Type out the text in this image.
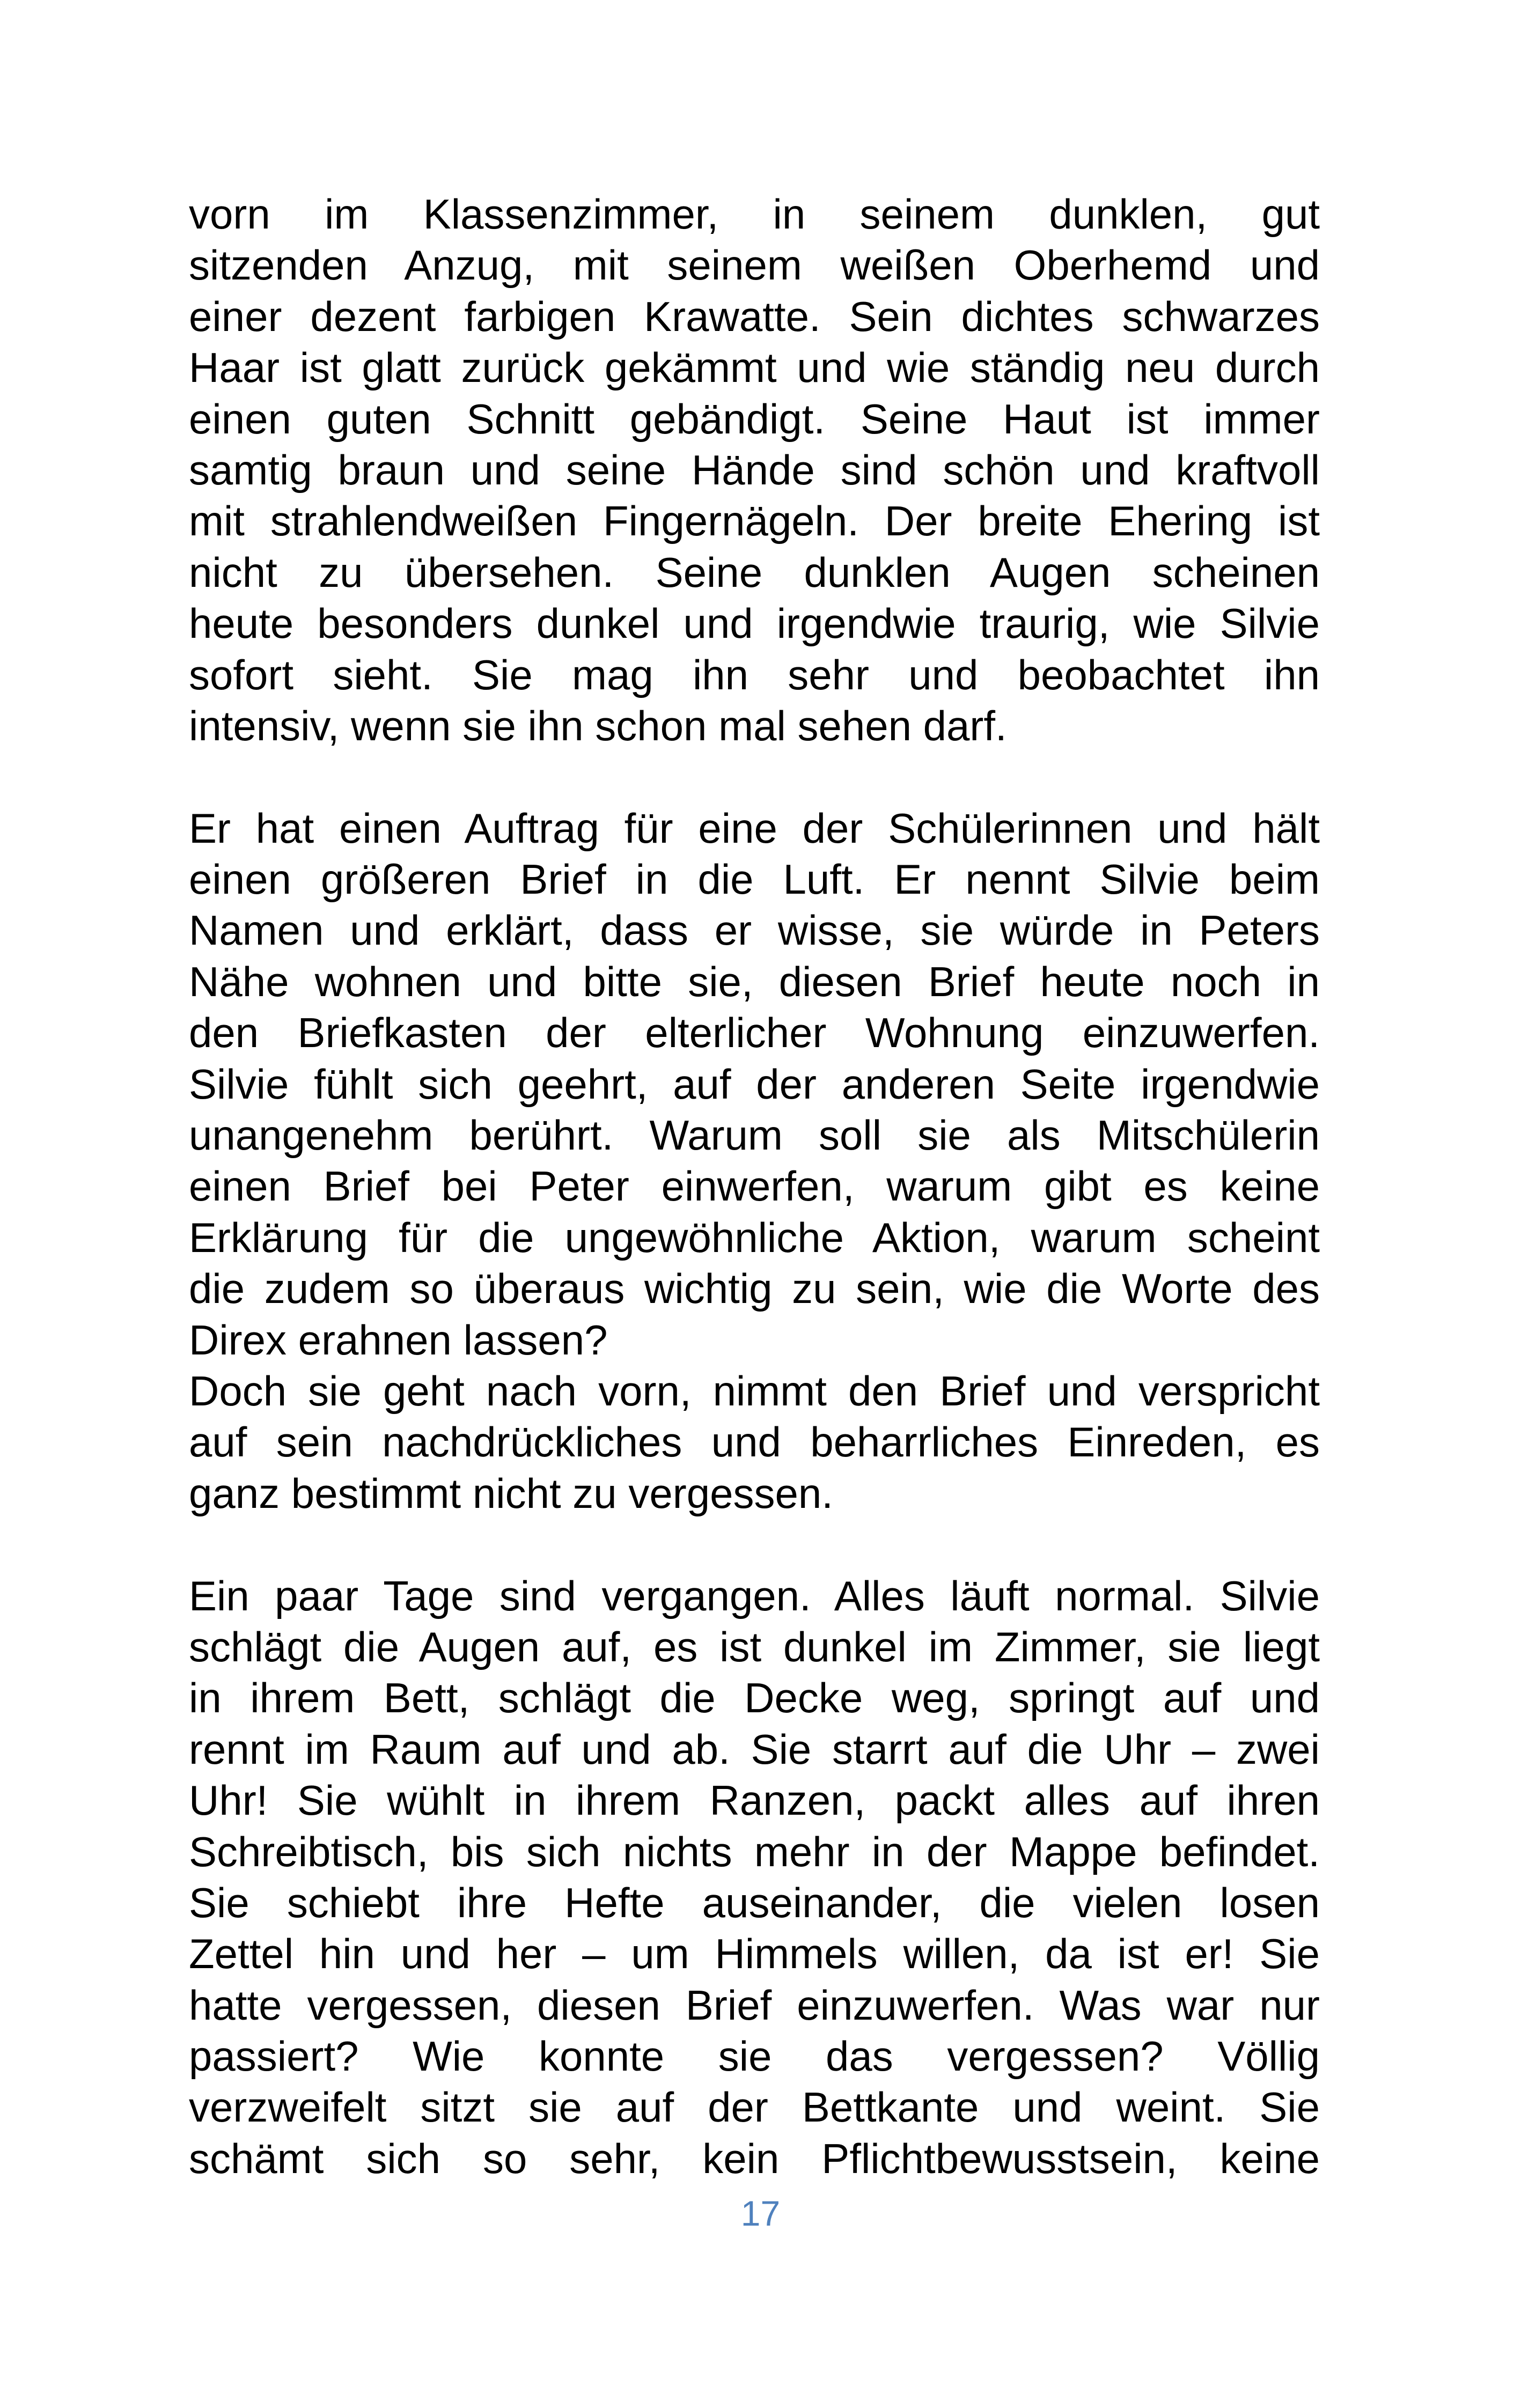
vorn im Klassenzimmer, in seinem dunklen, gut
sitzenden Anzug, mit seinem weißen Oberhemd und
einer dezent farbigen Krawatte. Sein dichtes schwarzes
Haar ist glatt zurück gekämmt und wie ständig neu durch
einen guten Schnitt gebändigt. Seine Haut ist immer
samtig braun und seine Hände sind schön und kraftvoll
mit strahlendweißen Fingernägeln. Der breite Ehering ist
nicht zu übersehen. Seine dunklen Augen scheinen
heute besonders dunkel und irgendwie traurig, wie Silvie
sofort sieht. Sie mag ihn sehr und beobachtet ihn
intensiv, wenn sie ihn schon mal sehen darf.
Er hat einen Auftrag für eine der Schülerinnen und hält
einen größeren Brief in die Luft. Er nennt Silvie beim
Namen und erklärt, dass er wisse, sie würde in Peters
Nähe wohnen und bitte sie, diesen Brief heute noch in
den Briefkasten der elterlicher Wohnung einzuwerfen.
Silvie fühlt sich geehrt, auf der anderen Seite irgendwie
unangenehm berührt. Warum soll sie als Mitschülerin
einen Brief bei Peter einwerfen, warum gibt es keine
Erklärung für die ungewöhnliche Aktion, warum scheint
die zudem so überaus wichtig zu sein, wie die Worte des
Direx erahnen lassen?
Doch sie geht nach vorn, nimmt den Brief und verspricht
auf sein nachdrückliches und beharrliches Einreden, es
ganz bestimmt nicht zu vergessen.
Ein paar Tage sind vergangen. Alles läuft normal. Silvie
schlägt die Augen auf, es ist dunkel im Zimmer, sie liegt
in ihrem Bett, schlägt die Decke weg, springt auf und
rennt im Raum auf und ab. Sie starrt auf die Uhr – zwei
Uhr! Sie wühlt in ihrem Ranzen, packt alles auf ihren
Schreibtisch, bis sich nichts mehr in der Mappe befindet.
Sie schiebt ihre Hefte auseinander, die vielen losen
Zettel hin und her – um Himmels willen, da ist er! Sie
hatte vergessen, diesen Brief einzuwerfen. Was war nur
passiert? Wie konnte sie das vergessen? Völlig
verzweifelt sitzt sie auf der Bettkante und weint. Sie
schämt sich so sehr, kein Pflichtbewusstsein, keine
17
